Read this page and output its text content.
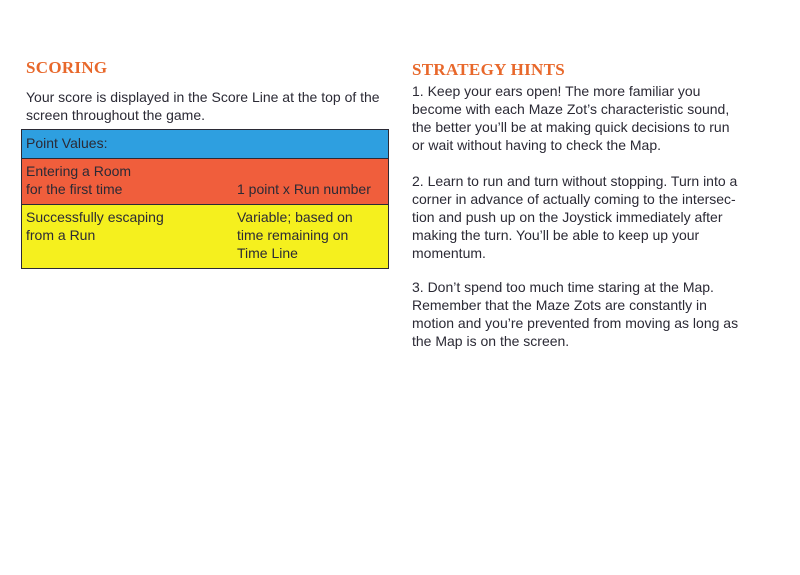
SCORING

Your score is displayed in the Score Line at the top of the screen throughout the game.

Point Values:
Entering a Room
for the first time	1 point x Run number
Successfully escaping
from a Run
Variable; based on
time remaining on
Time Line
STRATEGY HINTS

1. Keep your ears open! The more familiar you
become with each Maze Zot’s characteristic sound,
the better you’ll be at making quick decisions to run
or wait without having to check the Map.

2. Learn to run and turn without stopping. Turn into a
corner in advance of actually coming to the intersec-
tion and push up on the Joystick immediately after
making the turn. You’ll be able to keep up your
momentum.

3. Don’t spend too much time staring at the Map.
Remember that the Maze Zots are constantly in
motion and you’re prevented from moving as long as
the Map is on the screen.
